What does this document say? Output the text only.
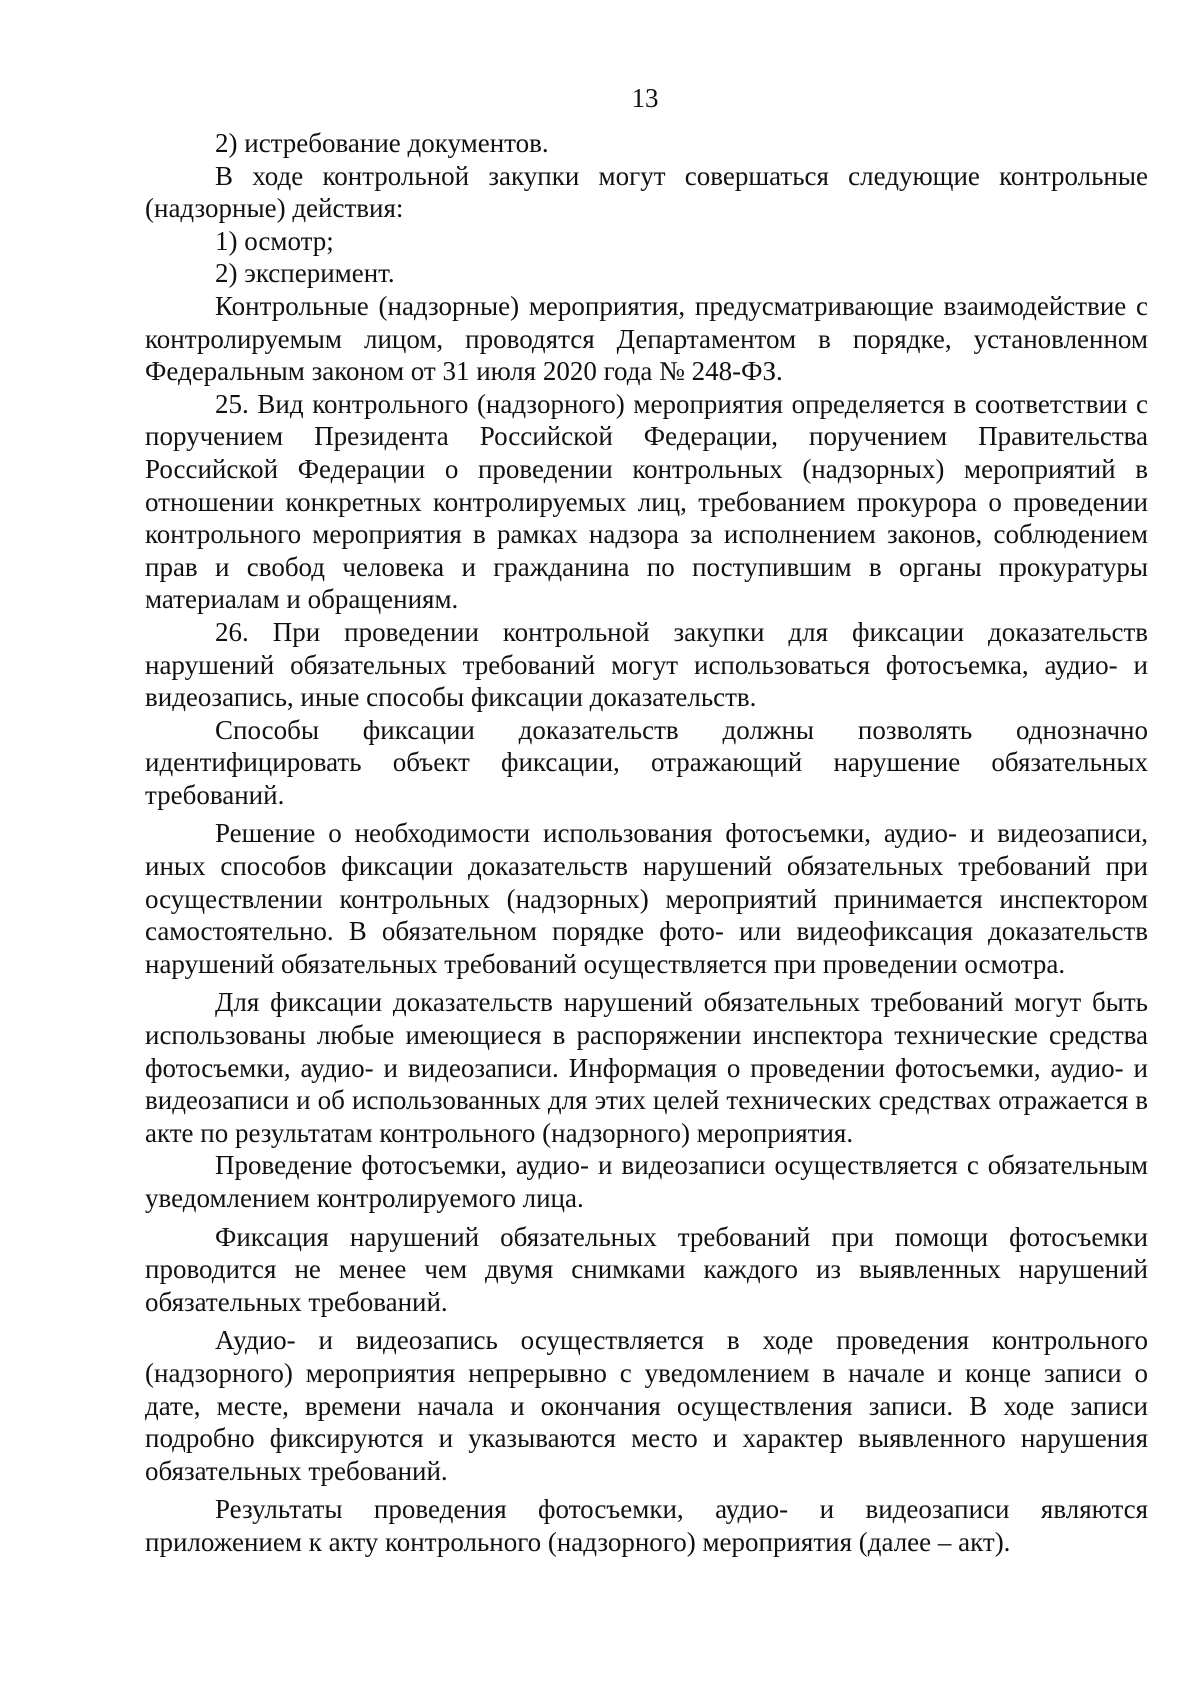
13

2) истребование документов.

В ходе контрольной закупки могут совершаться следующие контрольные (надзорные) действия:

1) осмотр;

2) эксперимент.

Контрольные (надзорные) мероприятия, предусматривающие взаимодействие с контролируемым лицом, проводятся Департаментом в порядке, установленном Федеральным законом от 31 июля 2020 года № 248-ФЗ.

25. Вид контрольного (надзорного) мероприятия определяется в соответствии с поручением Президента Российской Федерации, поручением Правительства Российской Федерации о проведении контрольных (надзорных) мероприятий в отношении конкретных контролируемых лиц, требованием прокурора о проведении контрольного мероприятия в рамках надзора за исполнением законов, соблюдением прав и свобод человека и гражданина по поступившим в органы прокуратуры материалам и обращениям.

26. При проведении контрольной закупки для фиксации доказательств нарушений обязательных требований могут использоваться фотосъемка, аудио- и видеозапись, иные способы фиксации доказательств.

Способы фиксации доказательств должны позволять однозначно идентифицировать объект фиксации, отражающий нарушение обязательных требований.

Решение о необходимости использования фотосъемки, аудио- и видеозаписи, иных способов фиксации доказательств нарушений обязательных требований при осуществлении контрольных (надзорных) мероприятий принимается инспектором самостоятельно. В обязательном порядке фото- или видеофиксация доказательств нарушений обязательных требований осуществляется при проведении осмотра.

Для фиксации доказательств нарушений обязательных требований могут быть использованы любые имеющиеся в распоряжении инспектора технические средства фотосъемки, аудио- и видеозаписи. Информация о проведении фотосъемки, аудио- и видеозаписи и об использованных для этих целей технических средствах отражается в акте по результатам контрольного (надзорного) мероприятия.

Проведение фотосъемки, аудио- и видеозаписи осуществляется с обязательным уведомлением контролируемого лица.

Фиксация нарушений обязательных требований при помощи фотосъемки проводится не менее чем двумя снимками каждого из выявленных нарушений обязательных требований.

Аудио- и видеозапись осуществляется в ходе проведения контрольного (надзорного) мероприятия непрерывно с уведомлением в начале и конце записи о дате, месте, времени начала и окончания осуществления записи. В ходе записи подробно фиксируются и указываются место и характер выявленного нарушения обязательных требований.

Результаты проведения фотосъемки, аудио- и видеозаписи являются приложением к акту контрольного (надзорного) мероприятия (далее – акт).
